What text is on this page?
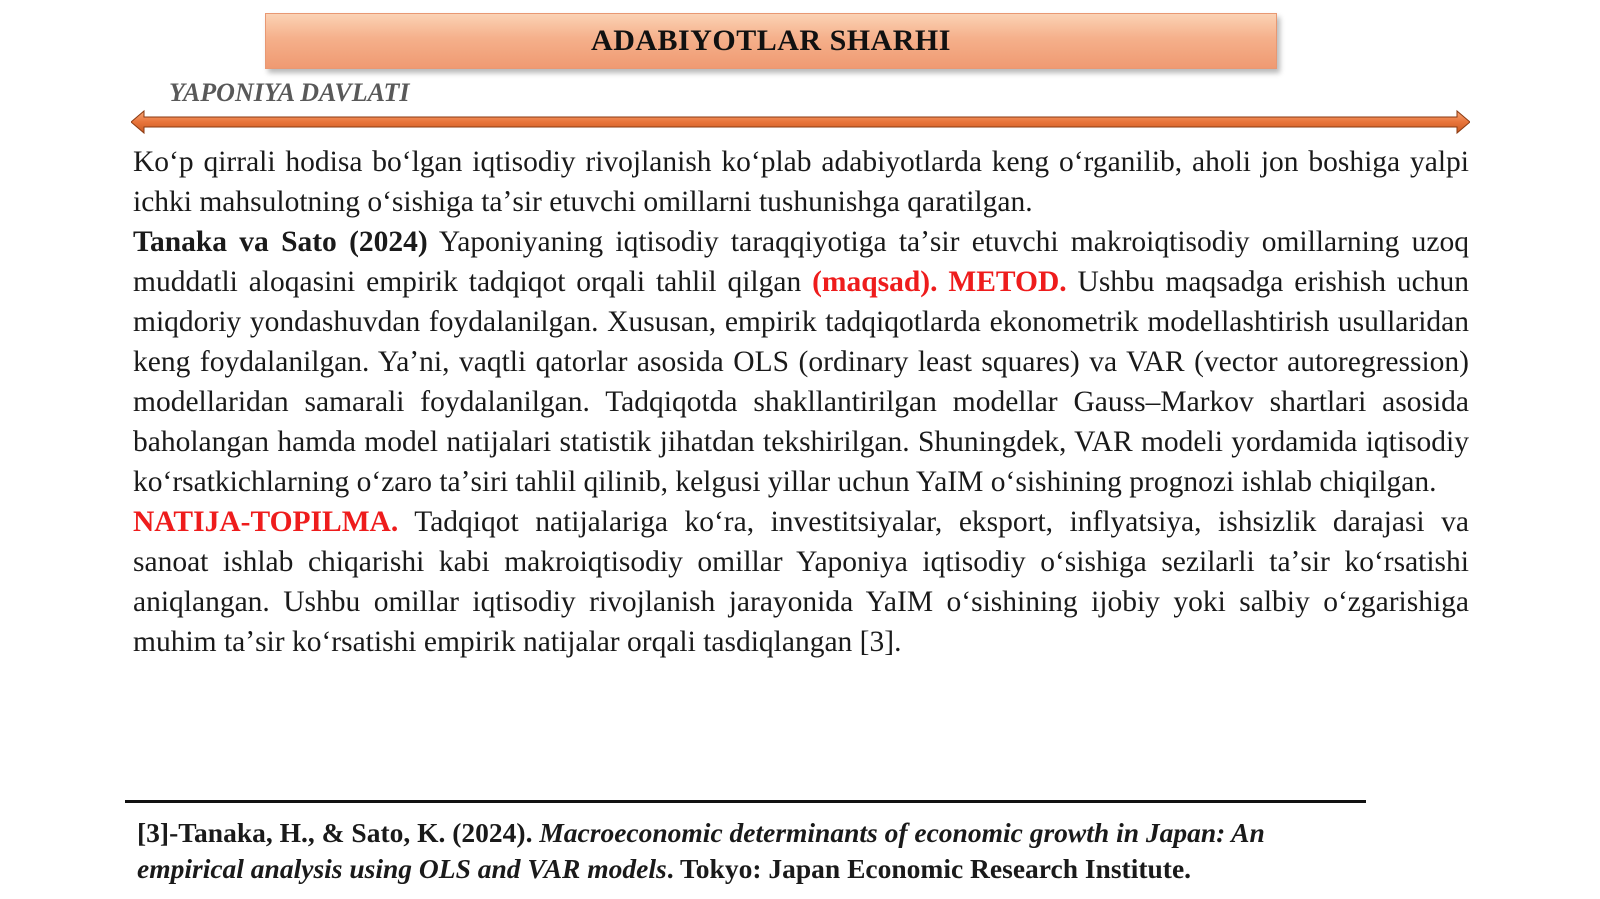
ADABIYOTLAR SHARHI
YAPONIYA DAVLATI

Koʻp qirrali hodisa boʻlgan iqtisodiy rivojlanish koʻplab adabiyotlarda keng oʻrganilib, aholi jon boshiga yalpi ichki mahsulotning oʻsishiga taʼsir etuvchi omillarni tushunishga qaratilgan.

Tanaka va Sato (2024) Yaponiyaning iqtisodiy taraqqiyotiga taʼsir etuvchi makroiqtisodiy omillarning uzoq muddatli aloqasini empirik tadqiqot orqali tahlil qilgan (maqsad). METOD. Ushbu maqsadga erishish uchun miqdoriy yondashuvdan foydalanilgan. Xususan, empirik tadqiqotlarda ekonometrik modellashtirish usullaridan keng foydalanilgan. Yaʼni, vaqtli qatorlar asosida OLS (ordinary least squares) va VAR (vector autoregression) modellaridan samarali foydalanilgan. Tadqiqotda shakllantirilgan modellar Gauss–Markov shartlari asosida baholangan hamda model natijalari statistik jihatdan tekshirilgan. Shuningdek, VAR modeli yordamida iqtisodiy koʻrsatkichlarning oʻzaro taʼsiri tahlil qilinib, kelgusi yillar uchun YaIM oʻsishining prognozi ishlab chiqilgan.

NATIJA-TOPILMA. Tadqiqot natijalariga koʻra, investitsiyalar, eksport, inflyatsiya, ishsizlik darajasi va sanoat ishlab chiqarishi kabi makroiqtisodiy omillar Yaponiya iqtisodiy oʻsishiga sezilarli taʼsir koʻrsatishi aniqlangan. Ushbu omillar iqtisodiy rivojlanish jarayonida YaIM oʻsishining ijobiy yoki salbiy oʻzgarishiga muhim taʼsir koʻrsatishi empirik natijalar orqali tasdiqlangan [3].

[3]-Tanaka, H., & Sato, K. (2024). Macroeconomic determinants of economic growth in Japan: An empirical analysis using OLS and VAR models. Tokyo: Japan Economic Research Institute.
